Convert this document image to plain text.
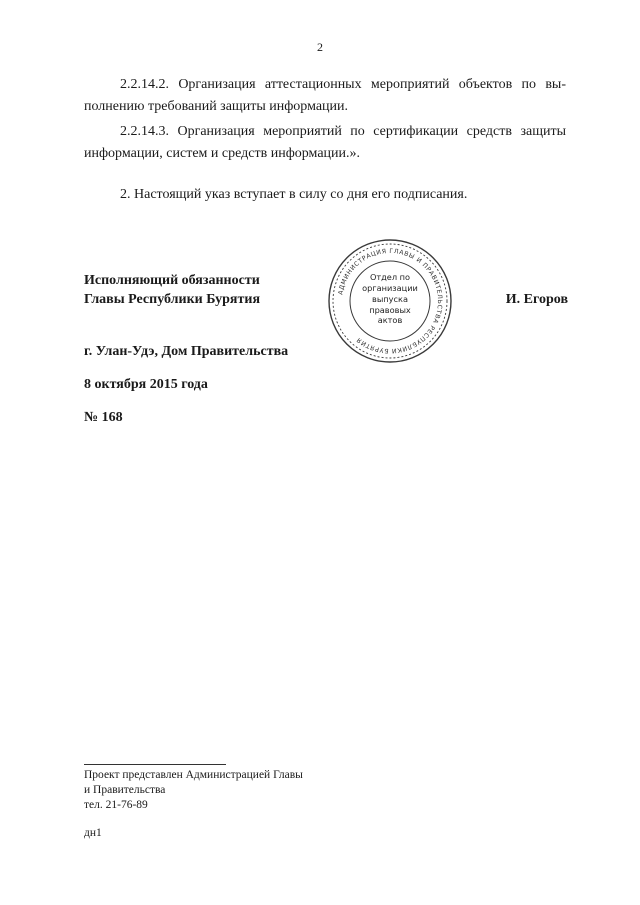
2
2.2.14.2. Организация аттестационных мероприятий объектов по вы-
полнению требований защиты информации.
2.2.14.3. Организация мероприятий по сертификации средств защиты
информации, систем и средств информации.».
2. Настоящий указ вступает в силу со дня его подписания.
Исполняющий обязанности
Главы Республики Бурятия	И. Егоров
АДМИНИСТРАЦИЯ ГЛАВЫ И ПРАВИТЕЛЬСТВА РЕСПУБЛИКИ БУРЯТИЯ
Отдел по
организации
выпуска
правовых
актов
г. Улан-Удэ, Дом Правительства
8 октября 2015 года
№ 168
Проект представлен Администрацией Главы
и Правительства
тел. 21-76-89
дн1
